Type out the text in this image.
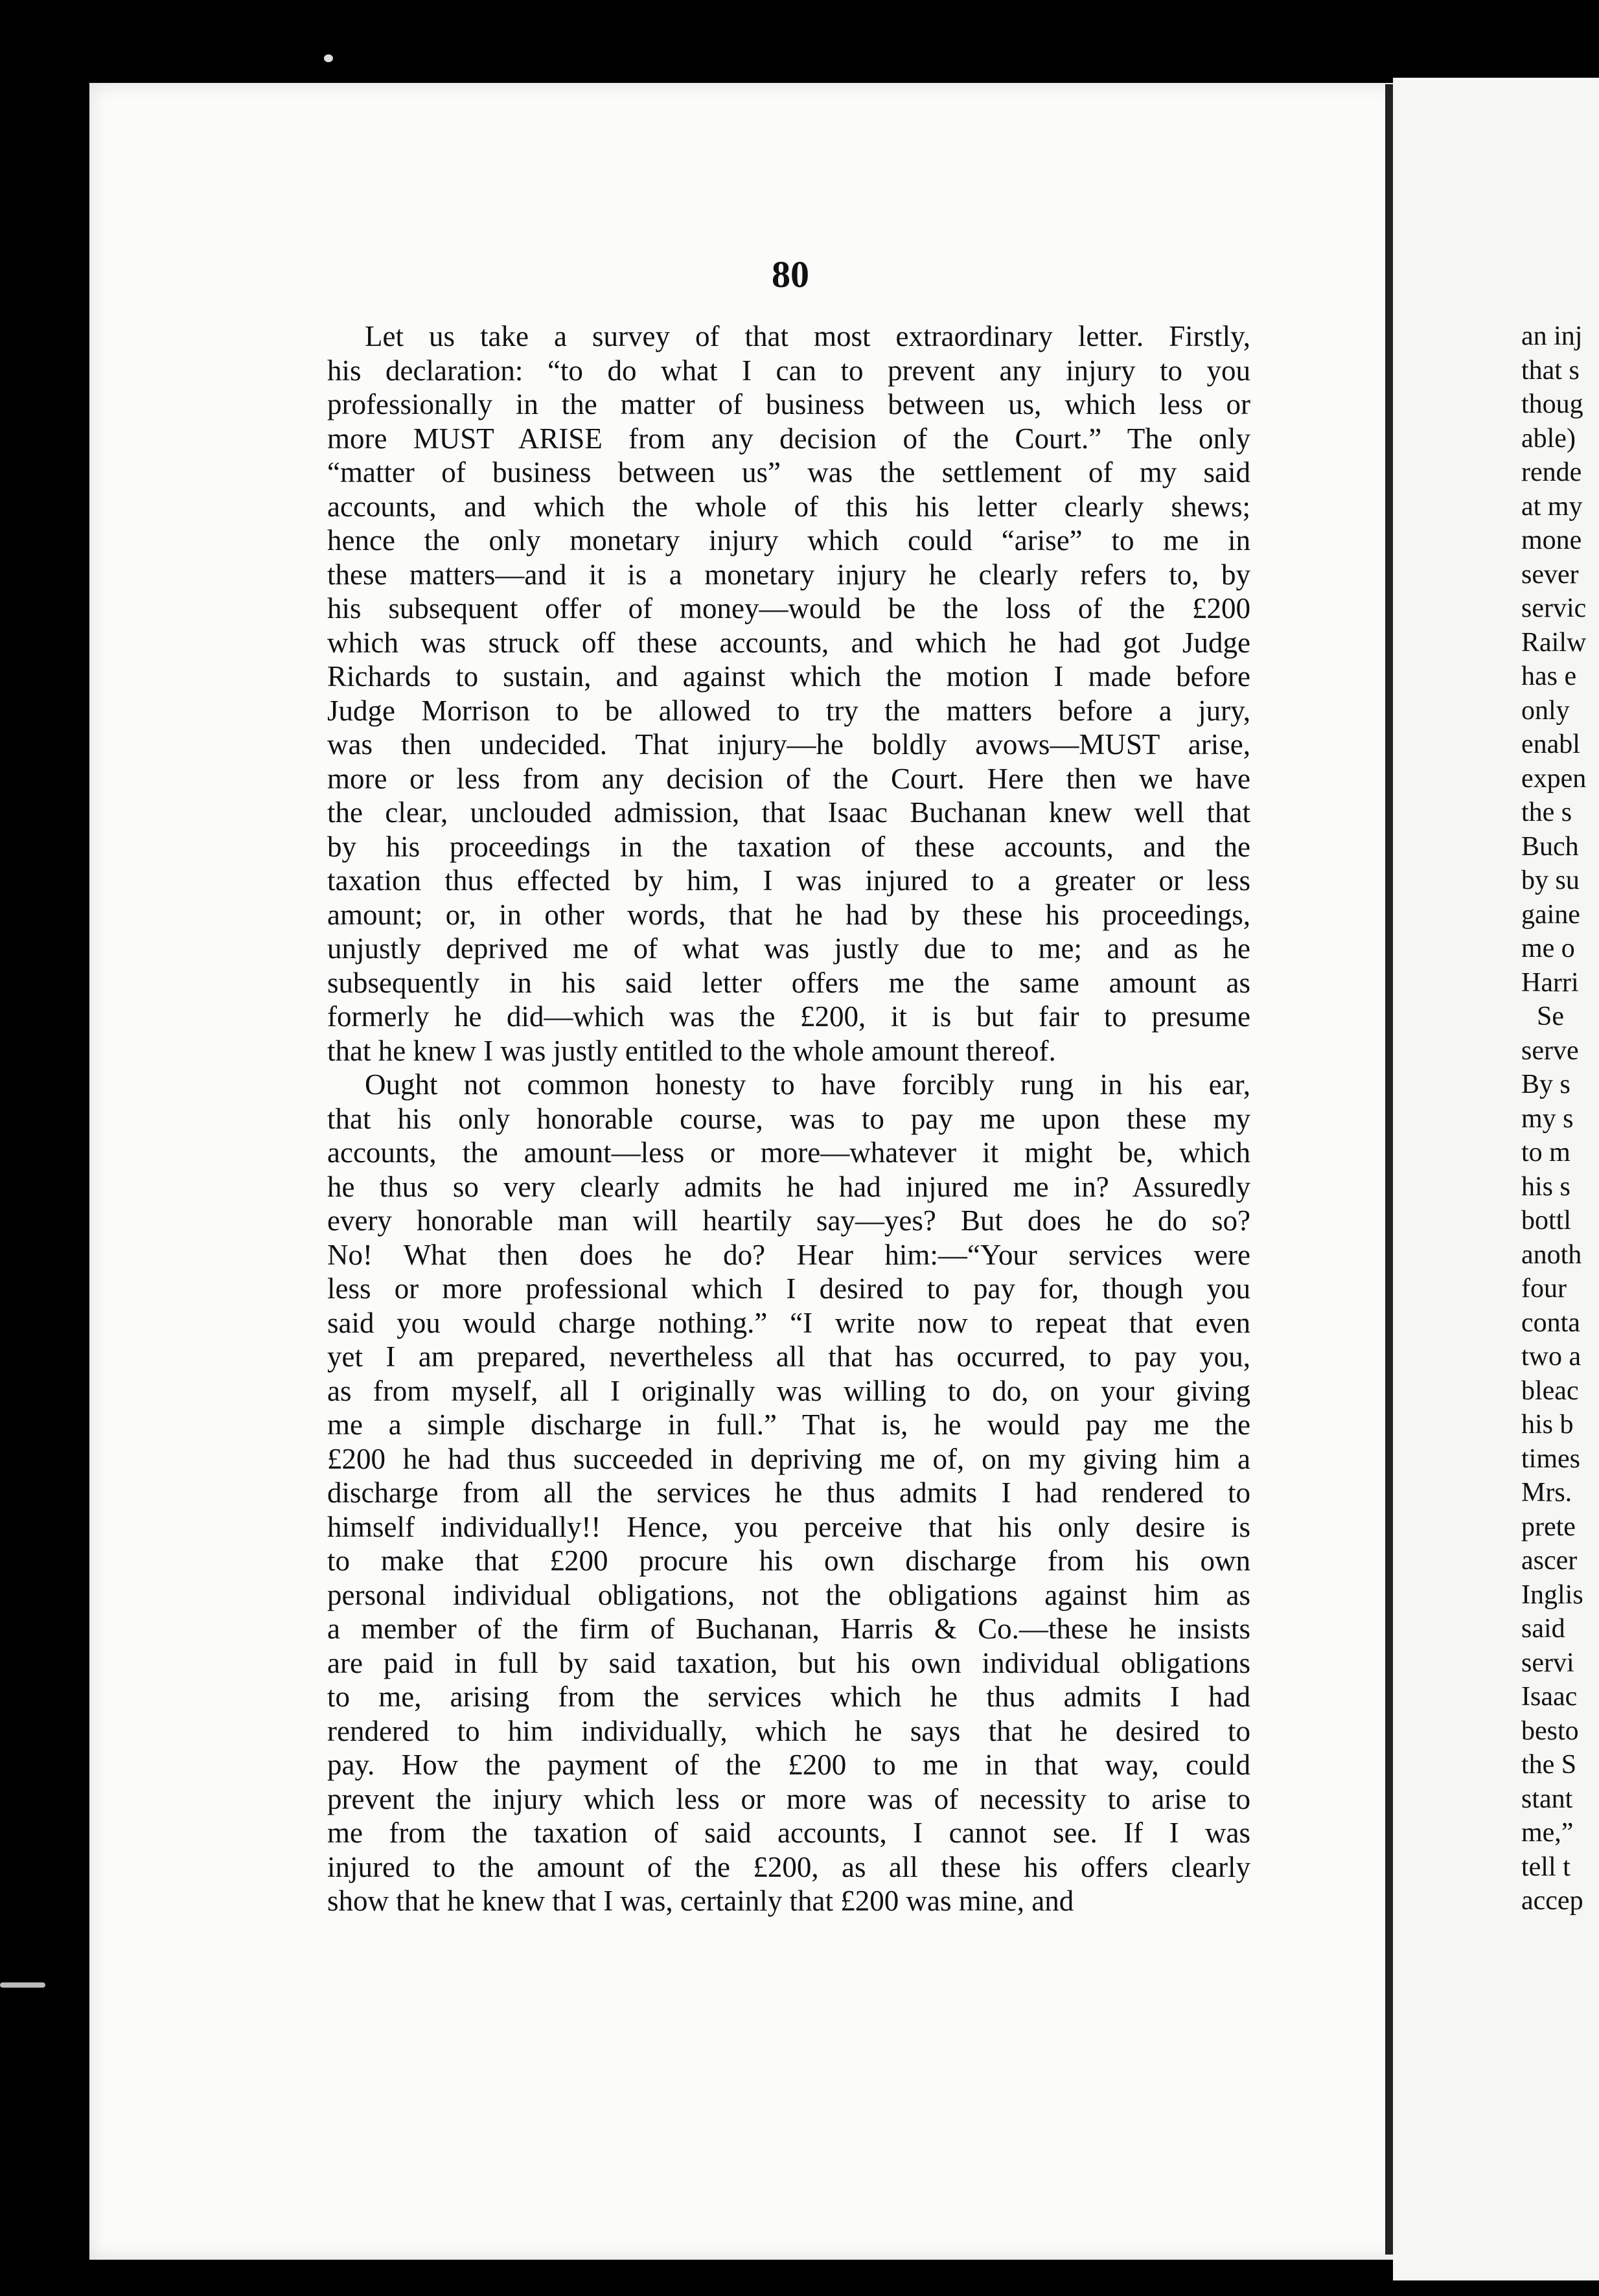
80
Let us take a survey of that most extraordinary letter. Firstly,
his declaration: “to do what I can to prevent any injury to you
professionally in the matter of business between us, which less or
more MUST ARISE from any decision of the Court.” The only
“matter of business between us” was the settlement of my said
accounts, and which the whole of this his letter clearly shews;
hence the only monetary injury which could “arise” to me in
these matters—and it is a monetary injury he clearly refers to, by
his subsequent offer of money—would be the loss of the £200
which was struck off these accounts, and which he had got Judge
Richards to sustain, and against which the motion I made before
Judge Morrison to be allowed to try the matters before a jury,
was then undecided. That injury—he boldly avows—MUST arise,
more or less from any decision of the Court. Here then we have
the clear, unclouded admission, that Isaac Buchanan knew well that
by his proceedings in the taxation of these accounts, and the
taxation thus effected by him, I was injured to a greater or less
amount; or, in other words, that he had by these his proceedings,
unjustly deprived me of what was justly due to me; and as he
subsequently in his said letter offers me the same amount as
formerly he did—which was the £200, it is but fair to presume
that he knew I was justly entitled to the whole amount thereof.
Ought not common honesty to have forcibly rung in his ear,
that his only honorable course, was to pay me upon these my
accounts, the amount—less or more—whatever it might be, which
he thus so very clearly admits he had injured me in? Assuredly
every honorable man will heartily say—yes? But does he do so?
No! What then does he do? Hear him:—“Your services were
less or more professional which I desired to pay for, though you
said you would charge nothing.” “I write now to repeat that even
yet I am prepared, nevertheless all that has occurred, to pay you,
as from myself, all I originally was willing to do, on your giving
me a simple discharge in full.” That is, he would pay me the
£200 he had thus succeeded in depriving me of, on my giving him a
discharge from all the services he thus admits I had rendered to
himself individually!! Hence, you perceive that his only desire is
to make that £200 procure his own discharge from his own
personal individual obligations, not the obligations against him as
a member of the firm of Buchanan, Harris & Co.—these he insists
are paid in full by said taxation, but his own individual obligations
to me, arising from the services which he thus admits I had
rendered to him individually, which he says that he desired to
pay. How the payment of the £200 to me in that way, could
prevent the injury which less or more was of necessity to arise to
me from the taxation of said accounts, I cannot see. If I was
injured to the amount of the £200, as all these his offers clearly
show that he knew that I was, certainly that £200 was mine, and
an inj
that s
thoug
able)
rende
at my
mone
sever
servic
Railw
has e
only
enabl
expen
the s
Buch
by su
gaine
me o
Harri
Se
serve
By s
my s
to m
his s
bottl
anoth
four
conta
two a
bleac
his b
times
Mrs.
prete
ascer
Inglis
said
servi
Isaac
besto
the S
stant
me,”
tell t
accep
